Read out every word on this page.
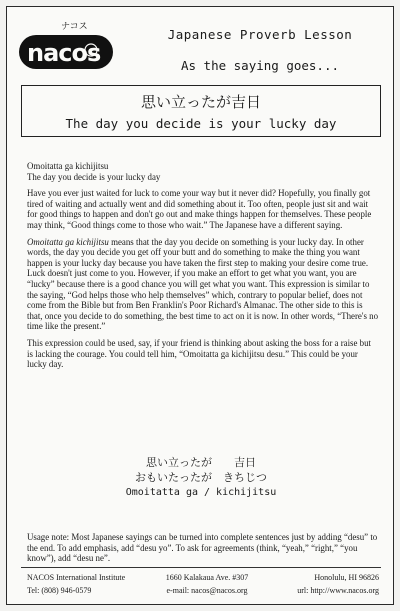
ナコス
nacos
Japanese Proverb Lesson
As the saying goes...
思い立ったが吉日
The day you decide is your lucky day

Omoitatta ga kichijitsu
The day you decide is your lucky day

Have you ever just waited for luck to come your way but it never did? Hopefully, you finally got tired of waiting and actually went and did something about it. Too often, people just sit and wait for good things to happen and don't go out and make things happen for themselves. These people may think, “Good things come to those who wait.” The Japanese have a different saying.

Omoitatta ga kichijitsu means that the day you decide on something is your lucky day. In other words, the day you decide you get off your butt and do something to make the thing you want happen is your lucky day because you have taken the first step to making your desire come true. Luck doesn't just come to you. However, if you make an effort to get what you want, you are “lucky” because there is a good chance you will get what you want. This expression is similar to the saying, “God helps those who help themselves” which, contrary to popular belief, does not come from the Bible but from Ben Franklin's Poor Richard's Almanac. The other side to this is that, once you decide to do something, the best time to act on it is now. In other words, “There's no time like the present.”

This expression could be used, say, if your friend is thinking about asking the boss for a raise but is lacking the courage. You could tell him, “Omoitatta ga kichijitsu desu.” This could be your lucky day.

思い立ったが　　吉日
おもいたったが　きちじつ
Omoitatta ga / kichijitsu
Usage note: Most Japanese sayings can be turned into complete sentences just by adding “desu” to the end. To add emphasis, add “desu yo”. To ask for agreements (think, “yeah,” “right,” “you know”), add “desu ne”.
NACOS International Institute	1660 Kalakaua Ave. #307	Honolulu, HI 96826
Tel: (808) 946-0579	e-mail: nacos@nacos.org	url: http://www.nacos.org
